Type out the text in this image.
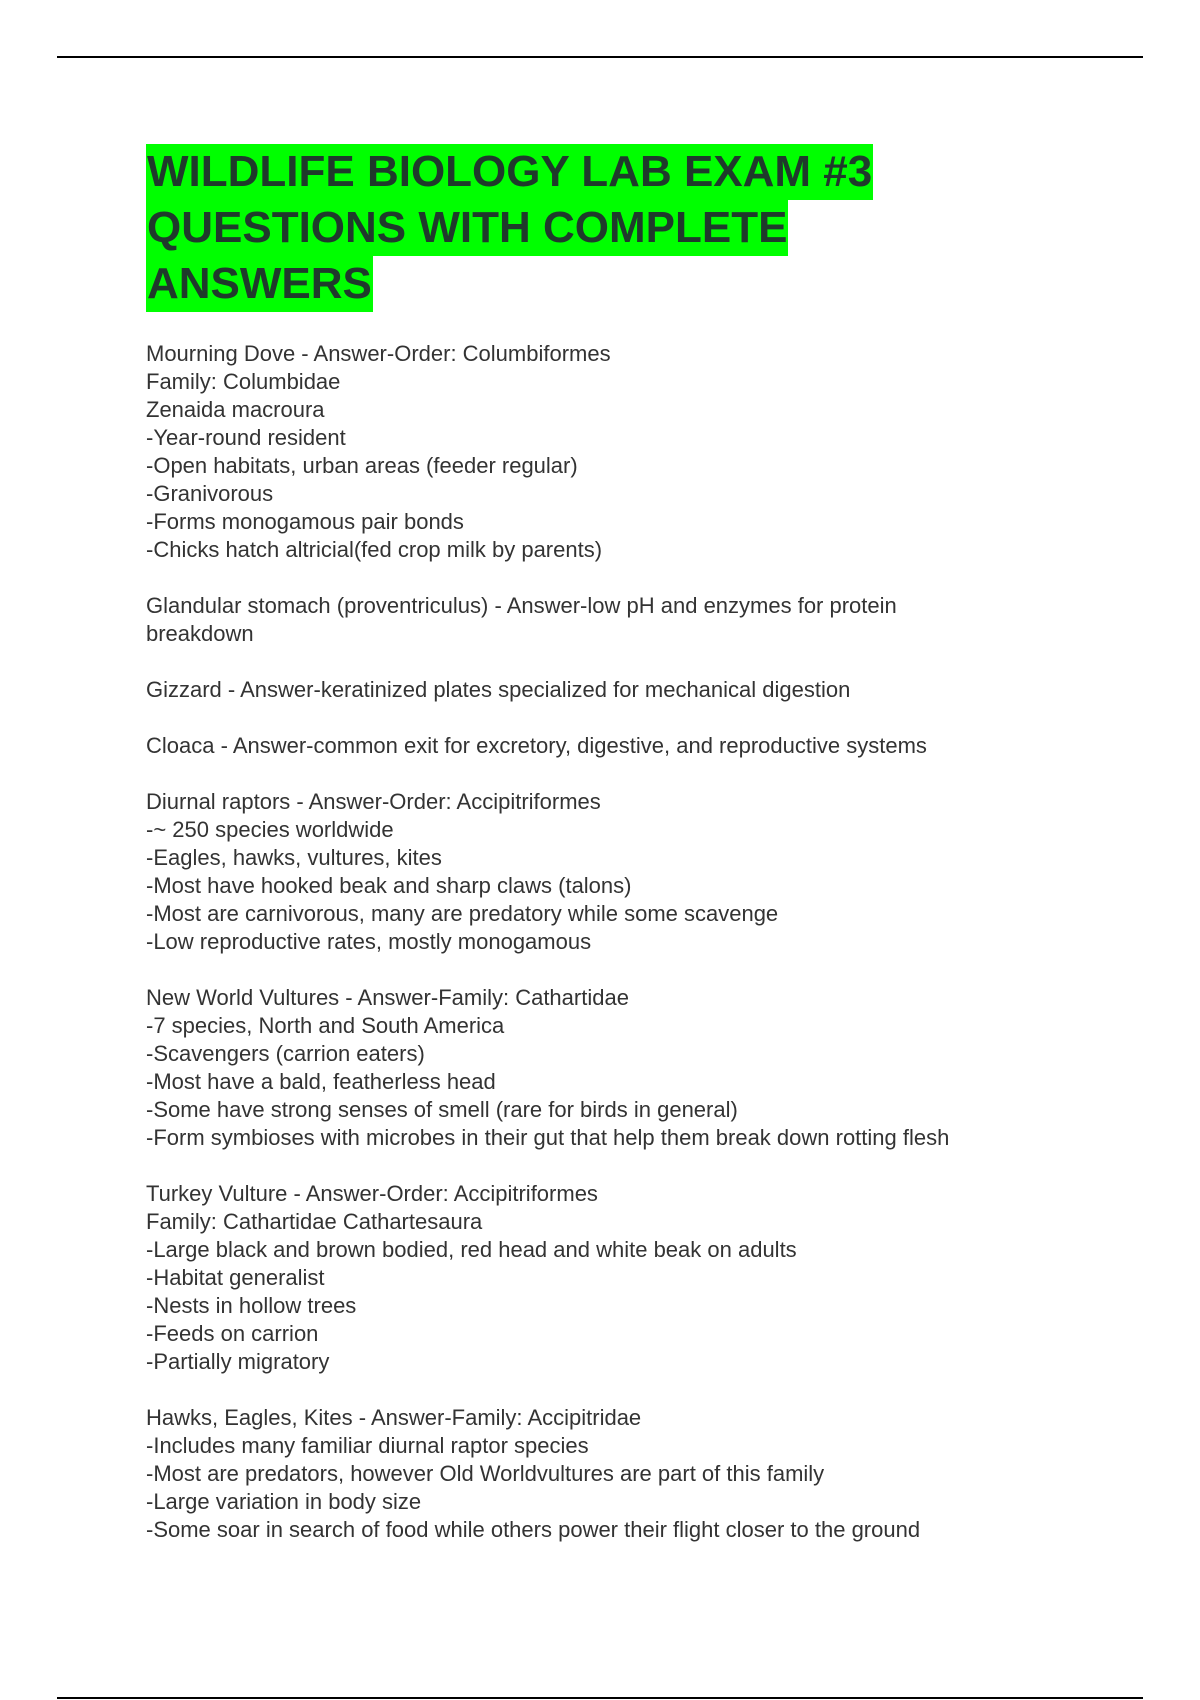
WILDLIFE BIOLOGY LAB EXAM #3
QUESTIONS WITH COMPLETE
ANSWERS

Mourning Dove - Answer-Order: Columbiformes
Family: Columbidae
Zenaida macroura
-Year-round resident
-Open habitats, urban areas (feeder regular)
-Granivorous
-Forms monogamous pair bonds
-Chicks hatch altricial(fed crop milk by parents)

Glandular stomach (proventriculus) - Answer-low pH and enzymes for protein
breakdown

Gizzard - Answer-keratinized plates specialized for mechanical digestion

Cloaca - Answer-common exit for excretory, digestive, and reproductive systems

Diurnal raptors - Answer-Order: Accipitriformes
-~ 250 species worldwide
-Eagles, hawks, vultures, kites
-Most have hooked beak and sharp claws (talons)
-Most are carnivorous, many are predatory while some scavenge
-Low reproductive rates, mostly monogamous

New World Vultures - Answer-Family: Cathartidae
-7 species, North and South America
-Scavengers (carrion eaters)
-Most have a bald, featherless head
-Some have strong senses of smell (rare for birds in general)
-Form symbioses with microbes in their gut that help them break down rotting flesh

Turkey Vulture - Answer-Order: Accipitriformes
Family: Cathartidae Cathartesaura
-Large black and brown bodied, red head and white beak on adults
-Habitat generalist
-Nests in hollow trees
-Feeds on carrion
-Partially migratory

Hawks, Eagles, Kites - Answer-Family: Accipitridae
-Includes many familiar diurnal raptor species
-Most are predators, however Old Worldvultures are part of this family
-Large variation in body size
-Some soar in search of food while others power their flight closer to the ground
